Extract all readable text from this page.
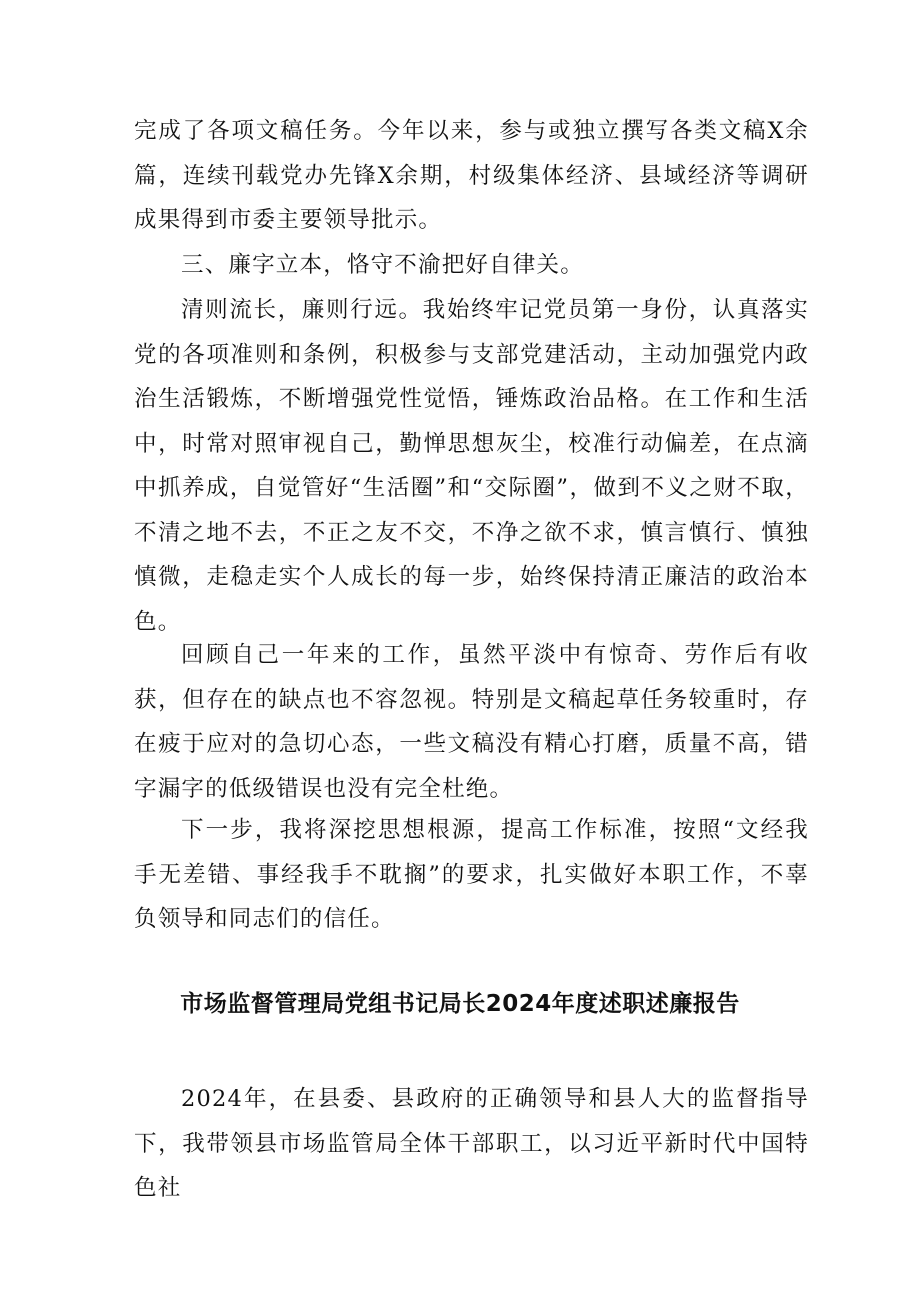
完成了各项文稿任务。今年以来，参与或独立撰写各类文稿X余篇，连续刊载党办先锋X余期，村级集体经济、县域经济等调研成果得到市委主要领导批示。

三、廉字立本，恪守不渝把好自律关。

清则流长，廉则行远。我始终牢记党员第一身份，认真落实党的各项准则和条例，积极参与支部党建活动，主动加强党内政治生活锻炼，不断增强党性觉悟，锤炼政治品格。在工作和生活中，时常对照审视自己，勤惮思想灰尘，校准行动偏差，在点滴中抓养成，自觉管好“生活圈”和“交际圈”，做到不义之财不取，不清之地不去，不正之友不交，不净之欲不求，慎言慎行、慎独慎微，走稳走实个人成长的每一步，始终保持清正廉洁的政治本色。

回顾自己一年来的工作，虽然平淡中有惊奇、劳作后有收获，但存在的缺点也不容忽视。特别是文稿起草任务较重时，存在疲于应对的急切心态，一些文稿没有精心打磨，质量不高，错字漏字的低级错误也没有完全杜绝。

下一步，我将深挖思想根源，提高工作标准，按照“文经我手无差错、事经我手不耽搁”的要求，扎实做好本职工作，不辜负领导和同志们的信任。

市场监督管理局党组书记局长2024年度述职述廉报告

2024年，在县委、县政府的正确领导和县人大的监督指导下，我带领县市场监管局全体干部职工，以习近平新时代中国特色社
